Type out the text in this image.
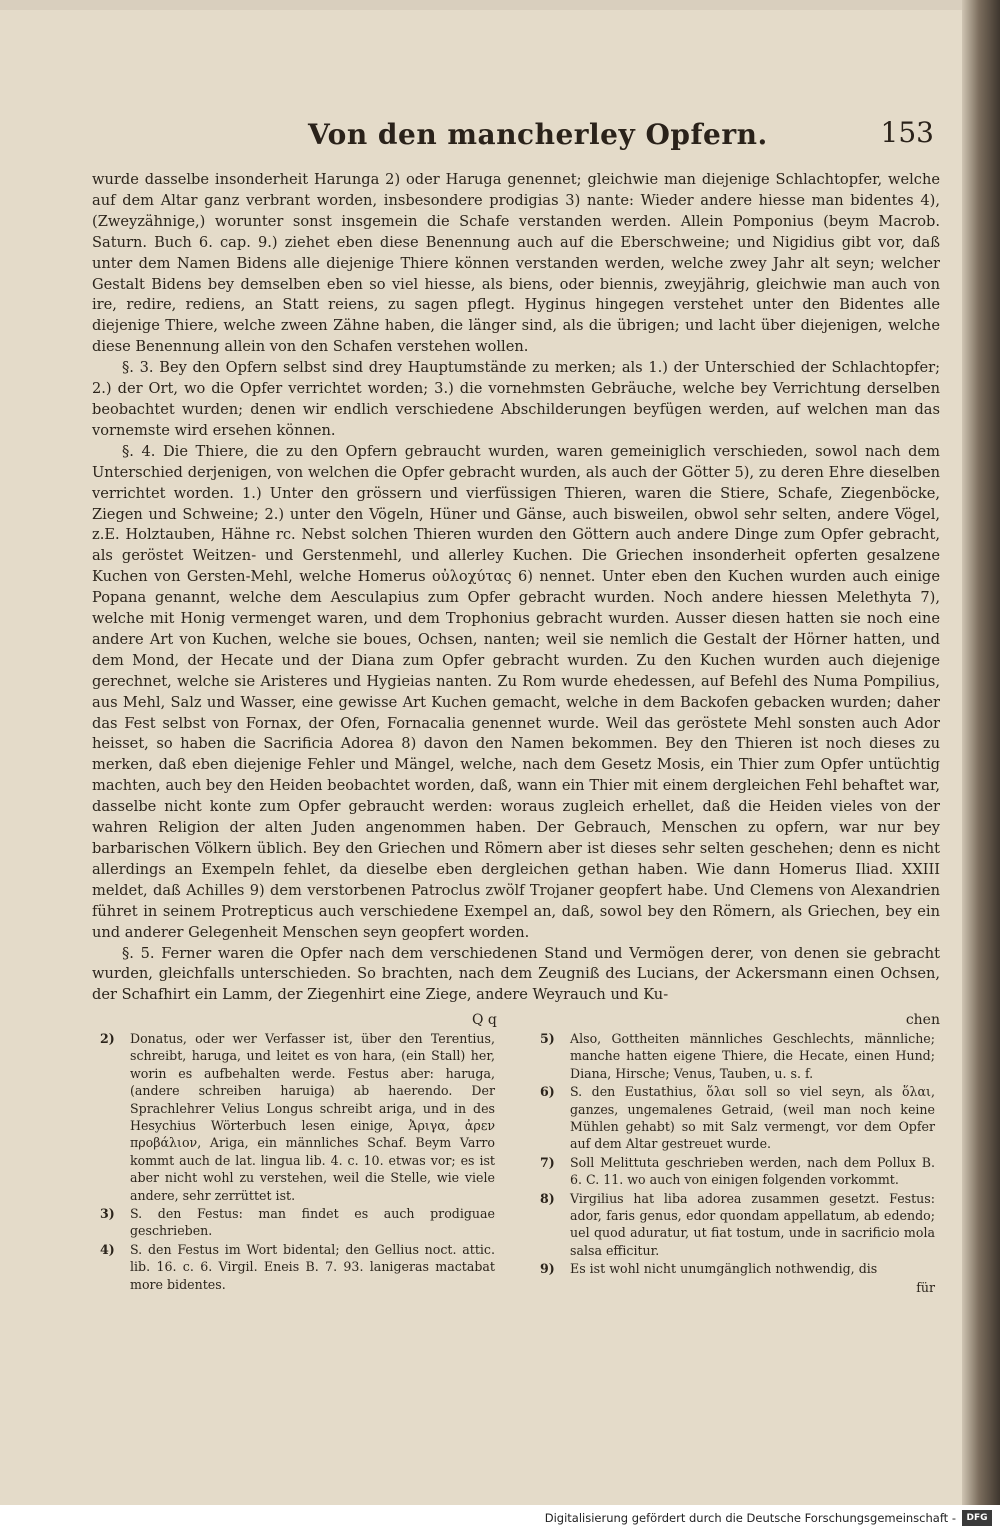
Von den mancherley Opfern.	153

wurde dasselbe insonderheit Harunga 2) oder Haruga genennet; gleichwie man diejenige Schlachtopfer, welche auf dem Altar ganz verbrant worden, insbesondere prodigias 3) nante: Wieder andere hiesse man bidentes 4), (Zweyzähnige,) worunter sonst insgemein die Schafe verstanden werden. Allein Pomponius (beym Macrob. Saturn. Buch 6. cap. 9.) ziehet eben diese Benennung auch auf die Eberschweine; und Nigidius gibt vor, daß unter dem Namen Bidens alle diejenige Thiere können verstanden werden, welche zwey Jahr alt seyn; welcher Gestalt Bidens bey demselben eben so viel hiesse, als biens, oder biennis, zweyjährig, gleichwie man auch von ire, redire, rediens, an Statt reiens, zu sagen pflegt. Hyginus hingegen verstehet unter den Bidentes alle diejenige Thiere, welche zween Zähne haben, die länger sind, als die übrigen; und lacht über diejenigen, welche diese Benennung allein von den Schafen verstehen wollen.

§. 3. Bey den Opfern selbst sind drey Hauptumstände zu merken; als 1.) der Unterschied der Schlachtopfer; 2.) der Ort, wo die Opfer verrichtet worden; 3.) die vornehmsten Gebräuche, welche bey Verrichtung derselben beobachtet wurden; denen wir endlich verschiedene Abschilderungen beyfügen werden, auf welchen man das vornemste wird ersehen können.

§. 4. Die Thiere, die zu den Opfern gebraucht wurden, waren gemeiniglich verschieden, sowol nach dem Unterschied derjenigen, von welchen die Opfer gebracht wurden, als auch der Götter 5), zu deren Ehre dieselben verrichtet worden. 1.) Unter den grössern und vierfüssigen Thieren, waren die Stiere, Schafe, Ziegenböcke, Ziegen und Schweine; 2.) unter den Vögeln, Hüner und Gänse, auch bisweilen, obwol sehr selten, andere Vögel, z.E. Holztauben, Hähne rc. Nebst solchen Thieren wurden den Göttern auch andere Dinge zum Opfer gebracht, als geröstet Weitzen- und Gerstenmehl, und allerley Kuchen. Die Griechen insonderheit opferten gesalzene Kuchen von Gersten-Mehl, welche Homerus οὐλοχύτας 6) nennet. Unter eben den Kuchen wurden auch einige Popana genannt, welche dem Aesculapius zum Opfer gebracht wurden. Noch andere hiessen Melethyta 7), welche mit Honig vermenget waren, und dem Trophonius gebracht wurden. Ausser diesen hatten sie noch eine andere Art von Kuchen, welche sie boues, Ochsen, nanten; weil sie nemlich die Gestalt der Hörner hatten, und dem Mond, der Hecate und der Diana zum Opfer gebracht wurden. Zu den Kuchen wurden auch diejenige gerechnet, welche sie Aristeres und Hygieias nanten. Zu Rom wurde ehedessen, auf Befehl des Numa Pompilius, aus Mehl, Salz und Wasser, eine gewisse Art Kuchen gemacht, welche in dem Backofen gebacken wurden; daher das Fest selbst von Fornax, der Ofen, Fornacalia genennet wurde. Weil das geröstete Mehl sonsten auch Ador heisset, so haben die Sacrificia Adorea 8) davon den Namen bekommen. Bey den Thieren ist noch dieses zu merken, daß eben diejenige Fehler und Mängel, welche, nach dem Gesetz Mosis, ein Thier zum Opfer untüchtig machten, auch bey den Heiden beobachtet worden, daß, wann ein Thier mit einem dergleichen Fehl behaftet war, dasselbe nicht konte zum Opfer gebraucht werden: woraus zugleich erhellet, daß die Heiden vieles von der wahren Religion der alten Juden angenommen haben. Der Gebrauch, Menschen zu opfern, war nur bey barbarischen Völkern üblich. Bey den Griechen und Römern aber ist dieses sehr selten geschehen; denn es nicht allerdings an Exempeln fehlet, da dieselbe eben dergleichen gethan haben. Wie dann Homerus Iliad. XXIII meldet, daß Achilles 9) dem verstorbenen Patroclus zwölf Trojaner geopfert habe. Und Clemens von Alexandrien führet in seinem Protrepticus auch verschiedene Exempel an, daß, sowol bey den Römern, als Griechen, bey ein und anderer Gelegenheit Menschen seyn geopfert worden.

§. 5. Ferner waren die Opfer nach dem verschiedenen Stand und Vermögen derer, von denen sie gebracht wurden, gleichfalls unterschieden. So brachten, nach dem Zeugniß des Lucians, der Ackersmann einen Ochsen, der Schafhirt ein Lamm, der Ziegenhirt eine Ziege, andere Weyrauch und Ku-

Q q	chen
2) Donatus, oder wer Verfasser ist, über den Terentius, schreibt, haruga, und leitet es von hara, (ein Stall) her, worin es aufbehalten werde. Festus aber: haruga, (andere schreiben haruiga) ab haerendo. Der Sprachlehrer Velius Longus schreibt ariga, und in des Hesychius Wörterbuch lesen einige, Ἀριγα, ἀρεν προβάλιον, Ariga, ein männliches Schaf. Beym Varro kommt auch de lat. lingua lib. 4. c. 10. etwas vor; es ist aber nicht wohl zu verstehen, weil die Stelle, wie viele andere, sehr zerrüttet ist.
3) S. den Festus: man findet es auch prodiguae geschrieben.
4) S. den Festus im Wort bidental; den Gellius noct. attic. lib. 16. c. 6. Virgil. Eneis B. 7. 93. lanigeras mactabat more bidentes.
5) Also, Gottheiten männliches Geschlechts, männliche; manche hatten eigene Thiere, die Hecate, einen Hund; Diana, Hirsche; Venus, Tauben, u. s. f.
6) S. den Eustathius, ὅλαι soll so viel seyn, als ὅλαι, ganzes, ungemalenes Getraid, (weil man noch keine Mühlen gehabt) so mit Salz vermengt, vor dem Opfer auf dem Altar gestreuet wurde.
7) Soll Melittuta geschrieben werden, nach dem Pollux B. 6. C. 11. wo auch von einigen folgenden vorkommt.
8) Virgilius hat liba adorea zusammen gesetzt. Festus: ador, faris genus, edor quondam appellatum, ab edendo; uel quod aduratur, ut fiat tostum, unde in sacrificio mola salsa efficitur.
9) Es ist wohl nicht unumgänglich nothwendig, dis
für
Digitalisierung gefördert durch die Deutsche Forschungsgemeinschaft -	DFG
